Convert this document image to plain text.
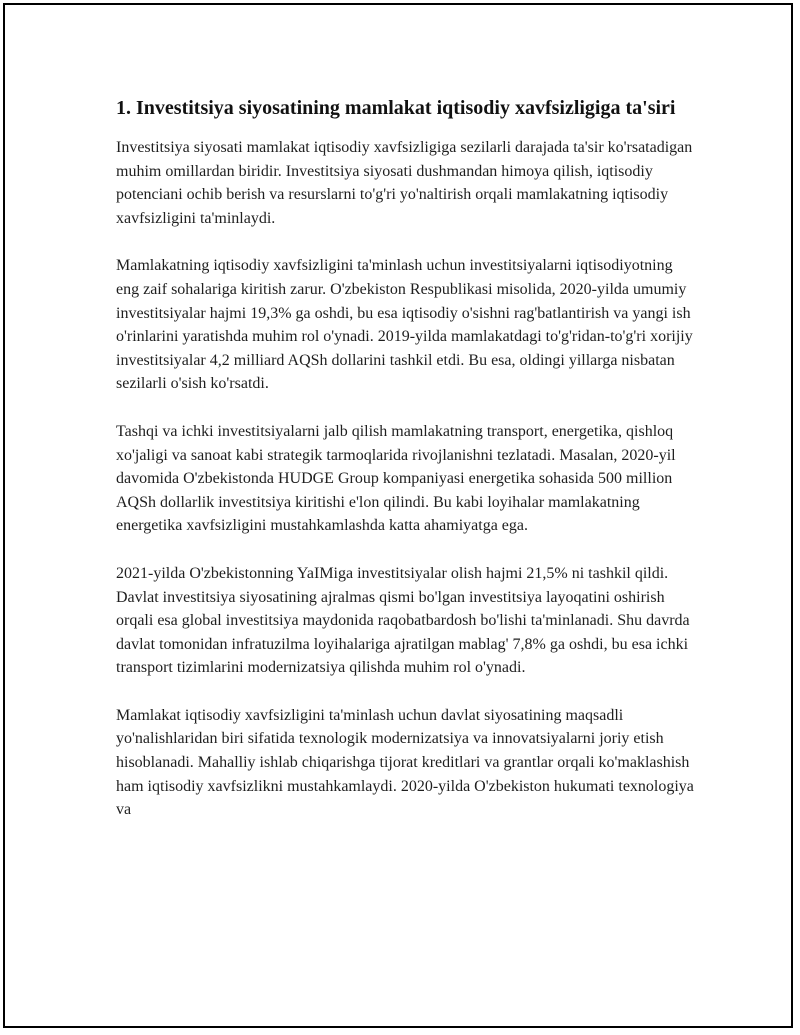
1. Investitsiya siyosatining mamlakat iqtisodiy xavfsizligiga ta'siri

Investitsiya siyosati mamlakat iqtisodiy xavfsizligiga sezilarli darajada ta'sir ko'rsatadigan muhim omillardan biridir. Investitsiya siyosati dushmandan himoya qilish, iqtisodiy potenciani ochib berish va resurslarni to'g'ri yo'naltirish orqali mamlakatning iqtisodiy xavfsizligini ta'minlaydi.

Mamlakatning iqtisodiy xavfsizligini ta'minlash uchun investitsiyalarni iqtisodiyotning eng zaif sohalariga kiritish zarur. O'zbekiston Respublikasi misolida, 2020-yilda umumiy investitsiyalar hajmi 19,3% ga oshdi, bu esa iqtisodiy o'sishni rag'batlantirish va yangi ish o'rinlarini yaratishda muhim rol o'ynadi. 2019-yilda mamlakatdagi to'g'ridan-to'g'ri xorijiy investitsiyalar 4,2 milliard AQSh dollarini tashkil etdi. Bu esa, oldingi yillarga nisbatan sezilarli o'sish ko'rsatdi.

Tashqi va ichki investitsiyalarni jalb qilish mamlakatning transport, energetika, qishloq xo'jaligi va sanoat kabi strategik tarmoqlarida rivojlanishni tezlatadi. Masalan, 2020-yil davomida O'zbekistonda HUDGE Group kompaniyasi energetika sohasida 500 million AQSh dollarlik investitsiya kiritishi e'lon qilindi. Bu kabi loyihalar mamlakatning energetika xavfsizligini mustahkamlashda katta ahamiyatga ega.

2021-yilda O'zbekistonning YaIMiga investitsiyalar olish hajmi 21,5% ni tashkil qildi. Davlat investitsiya siyosatining ajralmas qismi bo'lgan investitsiya layoqatini oshirish orqali esa global investitsiya maydonida raqobatbardosh bo'lishi ta'minlanadi. Shu davrda davlat tomonidan infratuzilma loyihalariga ajratilgan mablag' 7,8% ga oshdi, bu esa ichki transport tizimlarini modernizatsiya qilishda muhim rol o'ynadi.

Mamlakat iqtisodiy xavfsizligini ta'minlash uchun davlat siyosatining maqsadli yo'nalishlaridan biri sifatida texnologik modernizatsiya va innovatsiyalarni joriy etish hisoblanadi. Mahalliy ishlab chiqarishga tijorat kreditlari va grantlar orqali ko'maklashish ham iqtisodiy xavfsizlikni mustahkamlaydi. 2020-yilda O'zbekiston hukumati texnologiya va
